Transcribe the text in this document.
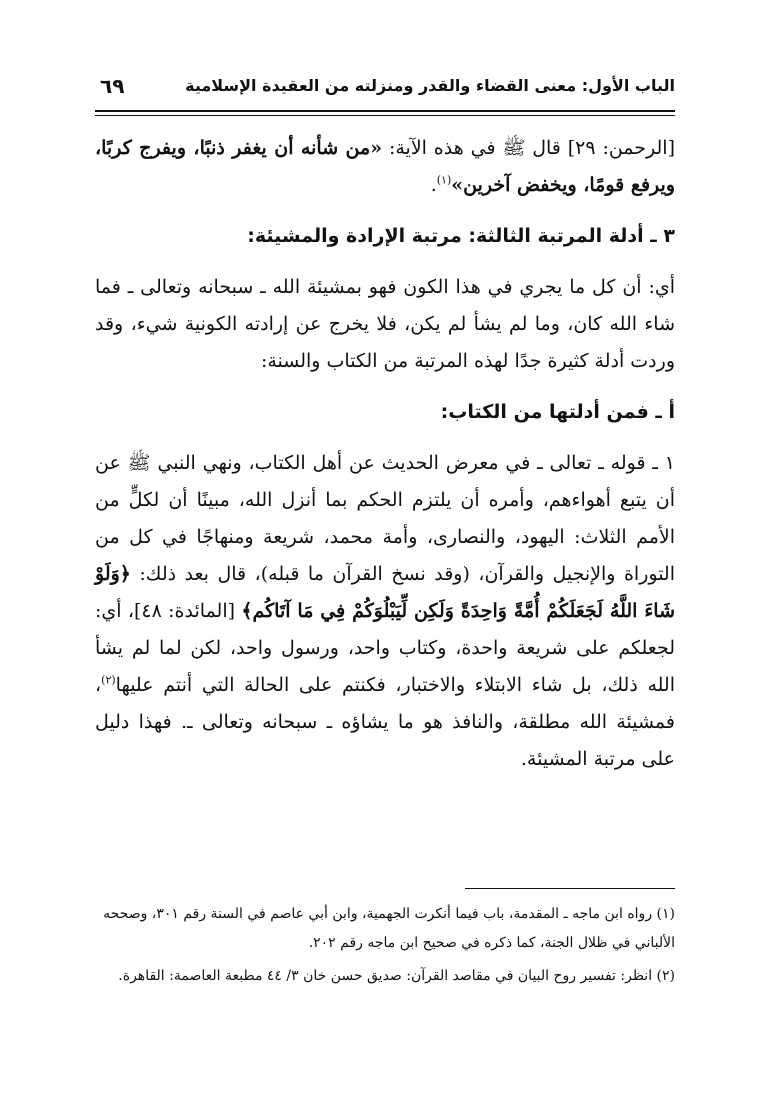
الباب الأول: معنى القضاء والقدر ومنزلته من العقيدة الإسلامية
٦٩

[الرحمن: ٢٩] قال ﷺ في هذه الآية: «من شأنه أن يغفر ذنبًا، ويفرج كربًا، ويرفع قومًا، ويخفض آخرين»$^{(١)}$.

٣ ـ أدلة المرتبة الثالثة: مرتبة الإرادة والمشيئة:

أي: أن كل ما يجري في هذا الكون فهو بمشيئة الله ـ سبحانه وتعالى ـ فما شاء الله كان، وما لم يشأ لم يكن، فلا يخرج عن إرادته الكونية شيء، وقد وردت أدلة كثيرة جدًا لهذه المرتبة من الكتاب والسنة:

أ ـ فمن أدلتها من الكتاب:

١ ـ قوله ـ تعالى ـ في معرض الحديث عن أهل الكتاب، ونهي النبي ﷺ عن أن يتبع أهواءهم، وأمره أن يلتزم الحكم بما أنزل الله، مبينًا أن لكلٍّ من الأمم الثلاث: اليهود، والنصارى، وأمة محمد، شريعة ومنهاجًا في كل من التوراة والإنجيل والقرآن، (وقد نسخ القرآن ما قبله)، قال بعد ذلك: ﴿وَلَوْ شَاءَ اللَّهُ لَجَعَلَكُمْ أُمَّةً وَاحِدَةً وَلَكِن لِّيَبْلُوَكُمْ فِي مَا آتَاكُم﴾ [المائدة: ٤٨]، أي: لجعلكم على شريعة واحدة، وكتاب واحد، ورسول واحد، لكن لما لم يشأ الله ذلك، بل شاء الابتلاء والاختبار، فكنتم على الحالة التي أنتم عليها$^{(٢)}$، فمشيئة الله مطلقة، والنافذ هو ما يشاؤه ـ سبحانه وتعالى ـ. فهذا دليل على مرتبة المشيئة.

(١) رواه ابن ماجه ـ المقدمة، باب فيما أنكرت الجهمية، وابن أبي عاصم في السنة رقم ٣٠١، وصححه الألباني في ظلال الجنة، كما ذكره في صحيح ابن ماجه رقم ٢٠٢.

(٢) انظر: تفسير روح البيان في مقاصد القرآن: صديق حسن خان ٣/ ٤٤ مطبعة العاصمة: القاهرة.
